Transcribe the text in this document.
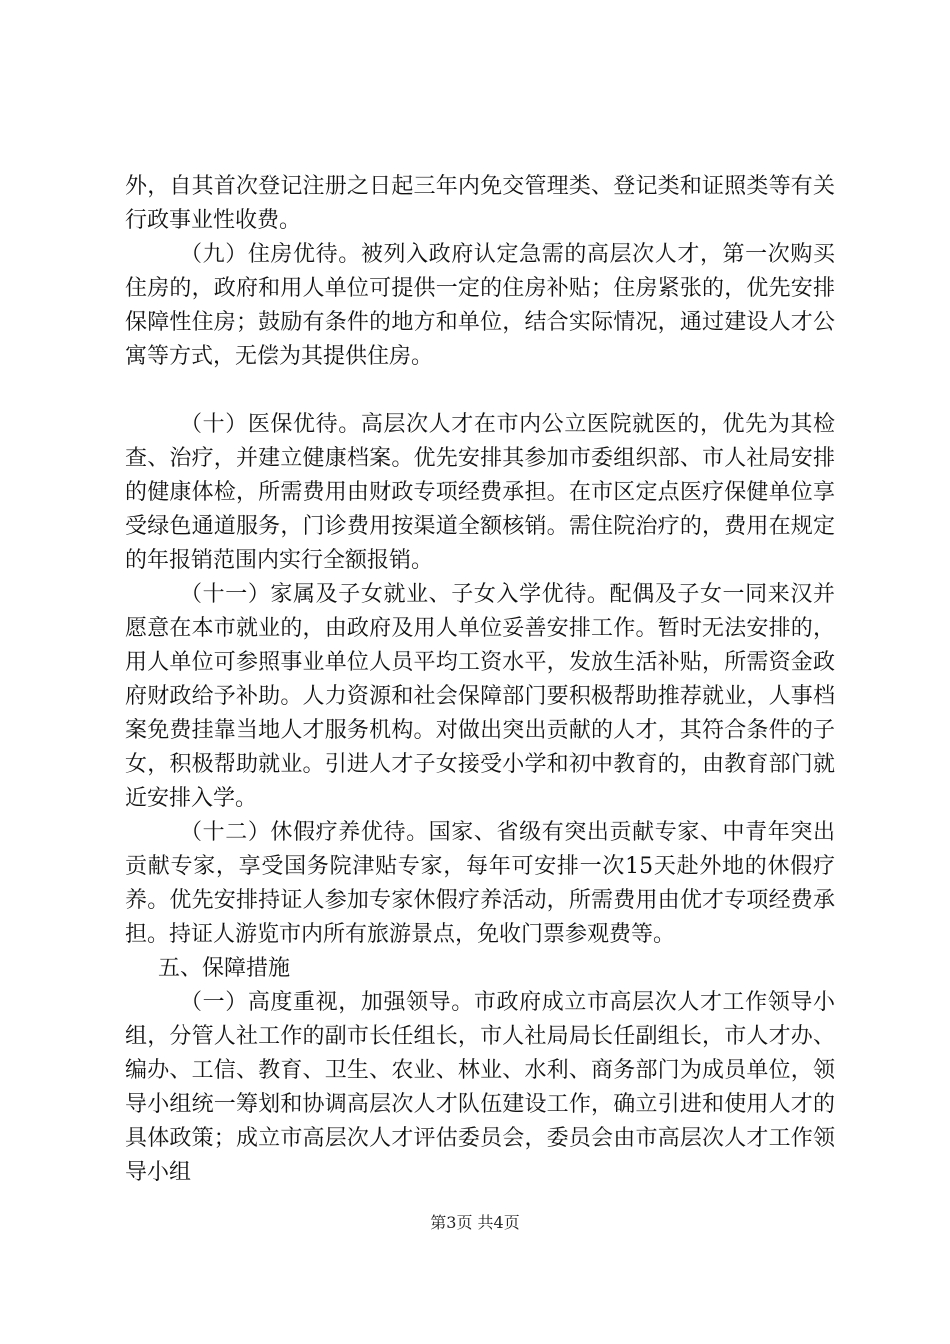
外，自其首次登记注册之日起三年内免交管理类、登记类和证照类等有关行政事业性收费。

（九）住房优待。被列入政府认定急需的高层次人才，第一次购买住房的，政府和用人单位可提供一定的住房补贴；住房紧张的，优先安排保障性住房；鼓励有条件的地方和单位，结合实际情况，通过建设人才公寓等方式，无偿为其提供住房。

（十）医保优待。高层次人才在市内公立医院就医的，优先为其检查、治疗，并建立健康档案。优先安排其参加市委组织部、市人社局安排的健康体检，所需费用由财政专项经费承担。在市区定点医疗保健单位享受绿色通道服务，门诊费用按渠道全额核销。需住院治疗的，费用在规定的年报销范围内实行全额报销。

（十一）家属及子女就业、子女入学优待。配偶及子女一同来汉并愿意在本市就业的，由政府及用人单位妥善安排工作。暂时无法安排的，用人单位可参照事业单位人员平均工资水平，发放生活补贴，所需资金政府财政给予补助。人力资源和社会保障部门要积极帮助推荐就业，人事档案免费挂靠当地人才服务机构。对做出突出贡献的人才，其符合条件的子女，积极帮助就业。引进人才子女接受小学和初中教育的，由教育部门就近安排入学。

（十二）休假疗养优待。国家、省级有突出贡献专家、中青年突出贡献专家，享受国务院津贴专家，每年可安排一次15天赴外地的休假疗养。优先安排持证人参加专家休假疗养活动，所需费用由优才专项经费承担。持证人游览市内所有旅游景点，免收门票参观费等。

五、保障措施

（一）高度重视，加强领导。市政府成立市高层次人才工作领导小组，分管人社工作的副市长任组长，市人社局局长任副组长，市人才办、编办、工信、教育、卫生、农业、林业、水利、商务部门为成员单位，领导小组统一筹划和协调高层次人才队伍建设工作，确立引进和使用人才的具体政策；成立市高层次人才评估委员会，委员会由市高层次人才工作领导小组

第3页 共4页
